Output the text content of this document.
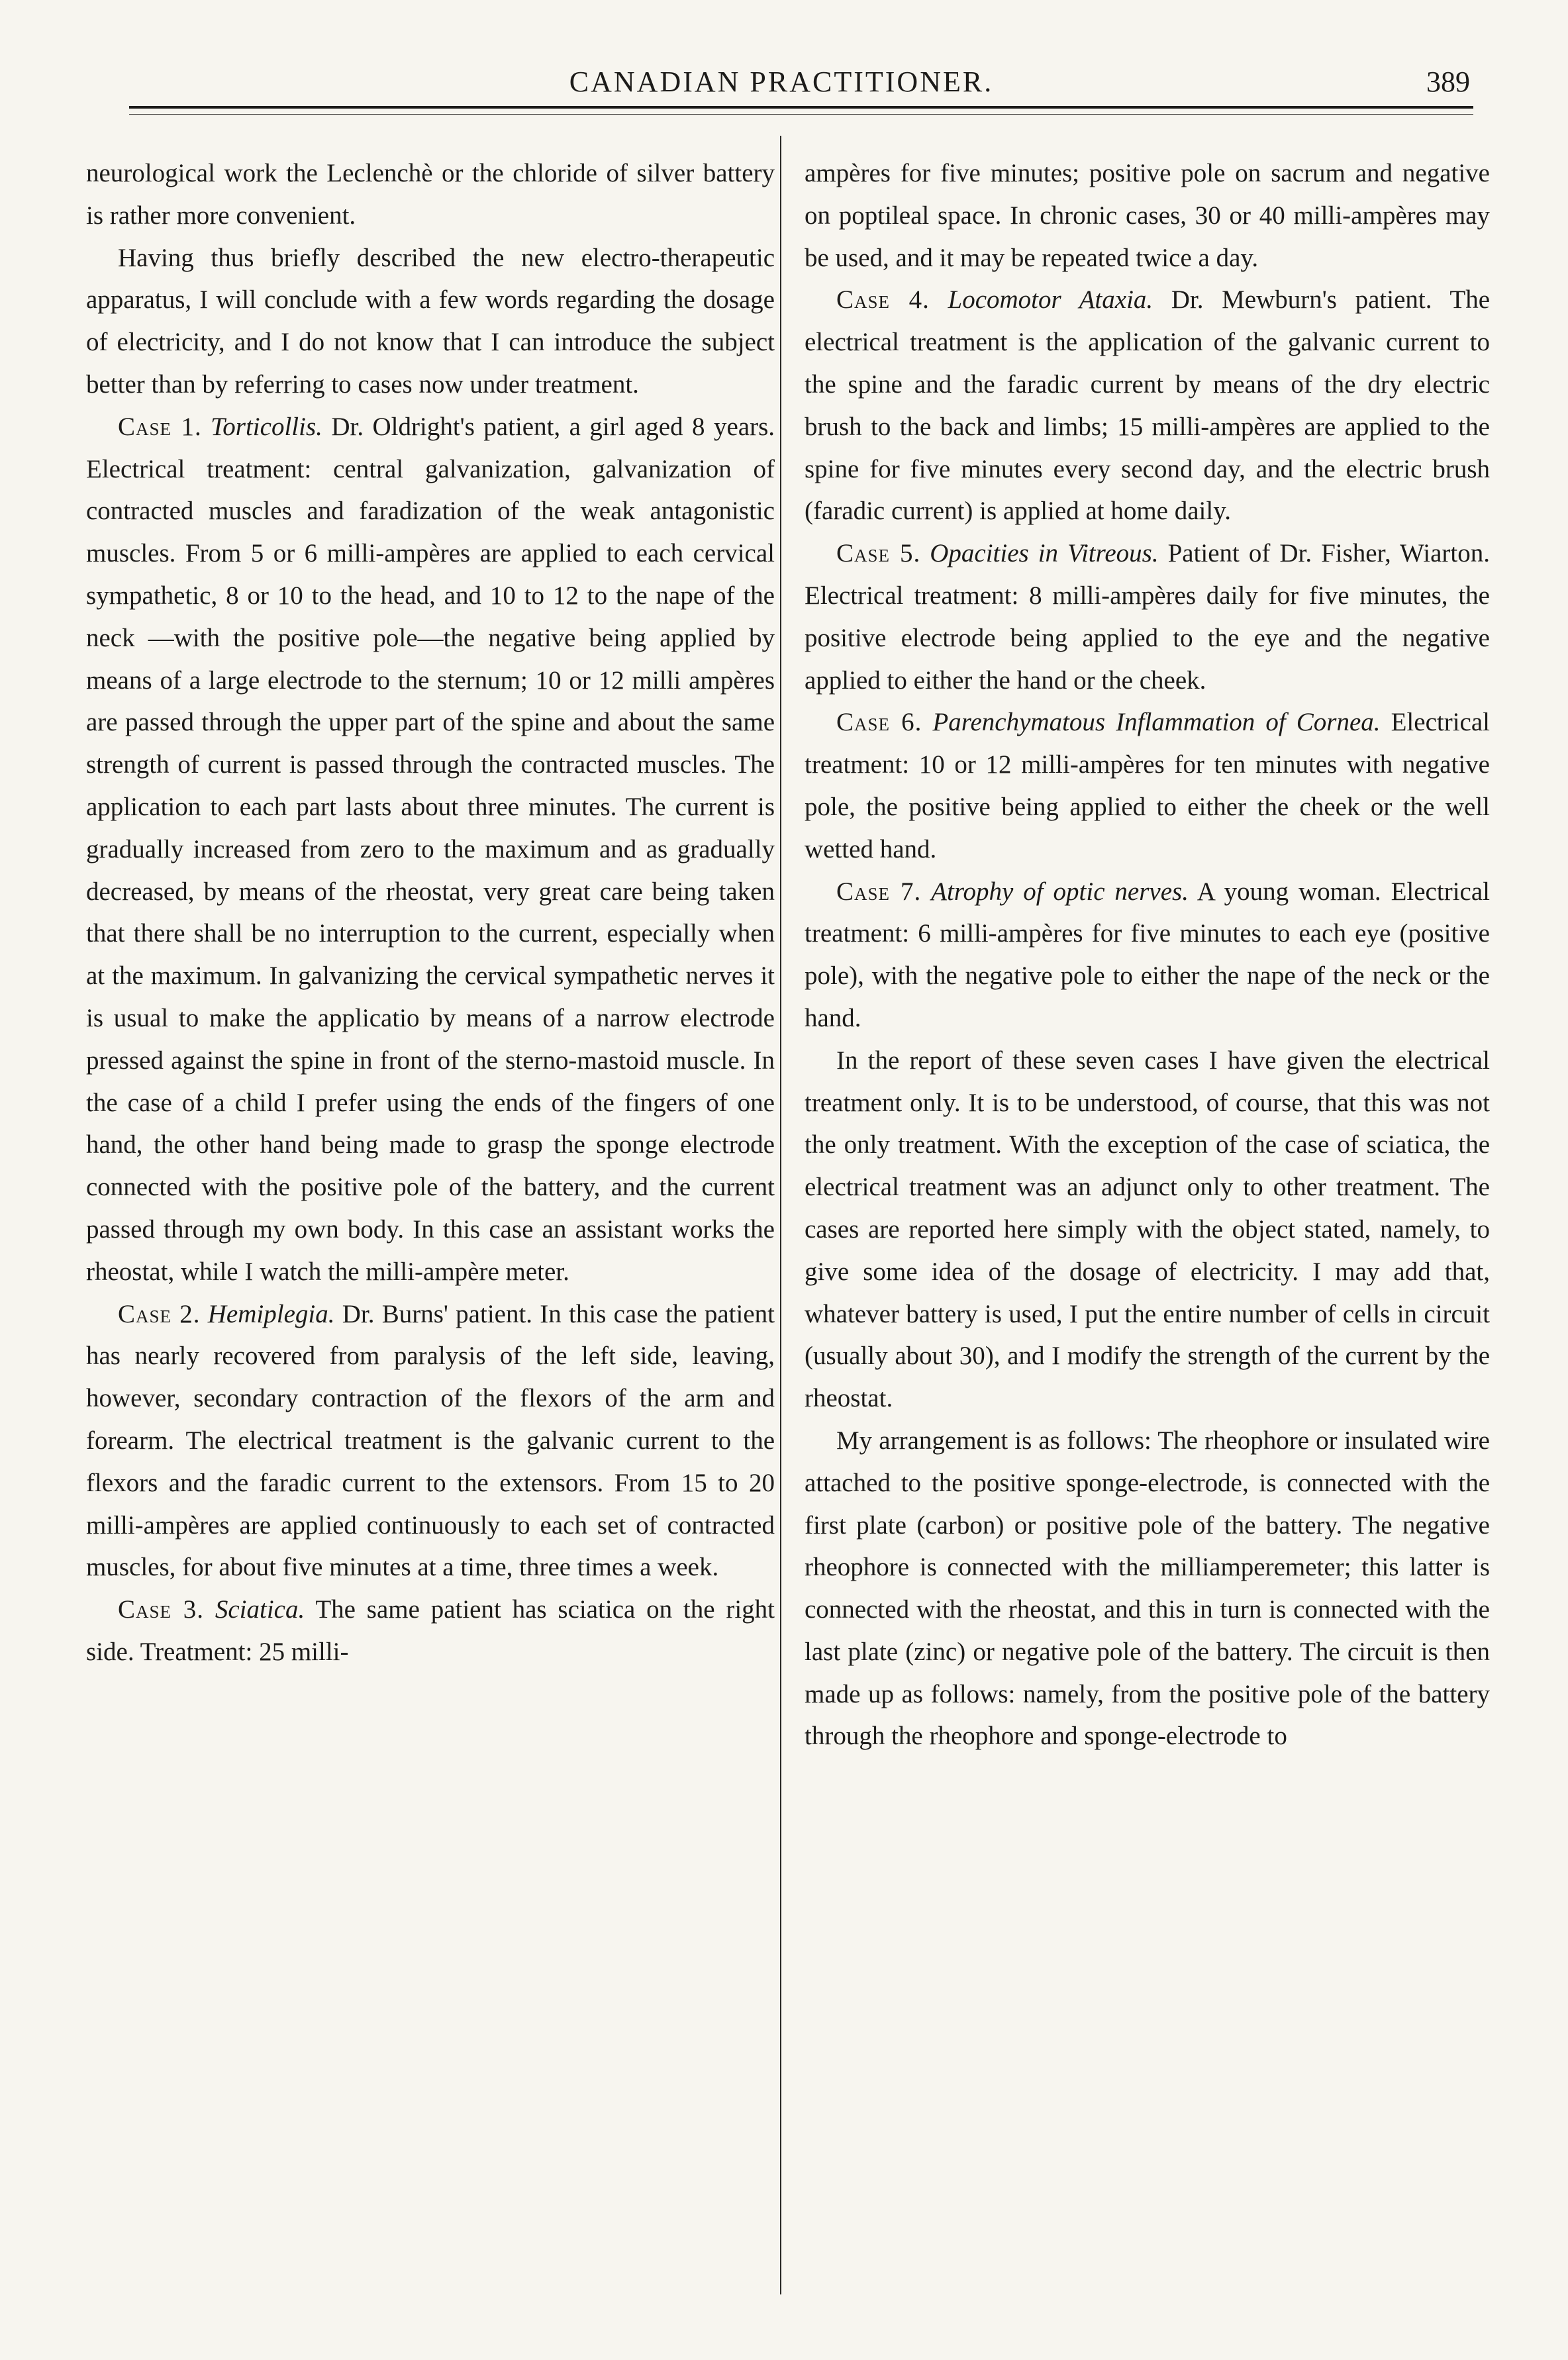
CANADIAN PRACTITIONER.	389

neurological work the Leclenchè or the chloride of silver battery is rather more convenient.

Having thus briefly described the new electro-therapeutic apparatus, I will conclude with a few words regarding the dosage of electricity, and I do not know that I can introduce the subject better than by referring to cases now under treatment.

Case 1. Torticollis. Dr. Oldright's patient, a girl aged 8 years. Electrical treatment: central galvanization, galvanization of contracted muscles and faradization of the weak antagonistic muscles. From 5 or 6 milli-ampères are applied to each cervical sympathetic, 8 or 10 to the head, and 10 to 12 to the nape of the neck —with the positive pole—the negative being applied by means of a large electrode to the sternum; 10 or 12 milli ampères are passed through the upper part of the spine and about the same strength of current is passed through the contracted muscles. The application to each part lasts about three minutes. The current is gradually increased from zero to the maximum and as gradually decreased, by means of the rheostat, very great care being taken that there shall be no interruption to the current, especially when at the maximum. In galvanizing the cervical sympathetic nerves it is usual to make the applicatio by means of a narrow electrode pressed against the spine in front of the sterno-mastoid muscle. In the case of a child I prefer using the ends of the fingers of one hand, the other hand being made to grasp the sponge electrode connected with the positive pole of the battery, and the current passed through my own body. In this case an assistant works the rheostat, while I watch the milli-ampère meter.

Case 2. Hemiplegia. Dr. Burns' patient. In this case the patient has nearly recovered from paralysis of the left side, leaving, however, secondary contraction of the flexors of the arm and forearm. The electrical treatment is the galvanic current to the flexors and the faradic current to the extensors. From 15 to 20 milli-ampères are applied continuously to each set of contracted muscles, for about five minutes at a time, three times a week.

Case 3. Sciatica. The same patient has sciatica on the right side. Treatment: 25 milli-

ampères for five minutes; positive pole on sacrum and negative on poptileal space. In chronic cases, 30 or 40 milli-ampères may be used, and it may be repeated twice a day.

Case 4. Locomotor Ataxia. Dr. Mewburn's patient. The electrical treatment is the application of the galvanic current to the spine and the faradic current by means of the dry electric brush to the back and limbs; 15 milli-ampères are applied to the spine for five minutes every second day, and the electric brush (faradic current) is applied at home daily.

Case 5. Opacities in Vitreous. Patient of Dr. Fisher, Wiarton. Electrical treatment: 8 milli-ampères daily for five minutes, the positive electrode being applied to the eye and the negative applied to either the hand or the cheek.

Case 6. Parenchymatous Inflammation of Cornea. Electrical treatment: 10 or 12 milli-ampères for ten minutes with negative pole, the positive being applied to either the cheek or the well wetted hand.

Case 7. Atrophy of optic nerves. A young woman. Electrical treatment: 6 milli-ampères for five minutes to each eye (positive pole), with the negative pole to either the nape of the neck or the hand.

In the report of these seven cases I have given the electrical treatment only. It is to be understood, of course, that this was not the only treatment. With the exception of the case of sciatica, the electrical treatment was an adjunct only to other treatment. The cases are reported here simply with the object stated, namely, to give some idea of the dosage of electricity. I may add that, whatever battery is used, I put the entire number of cells in circuit (usually about 30), and I modify the strength of the current by the rheostat.

My arrangement is as follows: The rheophore or insulated wire attached to the positive sponge-electrode, is connected with the first plate (carbon) or positive pole of the battery. The negative rheophore is connected with the milliamperemeter; this latter is connected with the rheostat, and this in turn is connected with the last plate (zinc) or negative pole of the battery. The circuit is then made up as follows: namely, from the positive pole of the battery through the rheophore and sponge-electrode to
